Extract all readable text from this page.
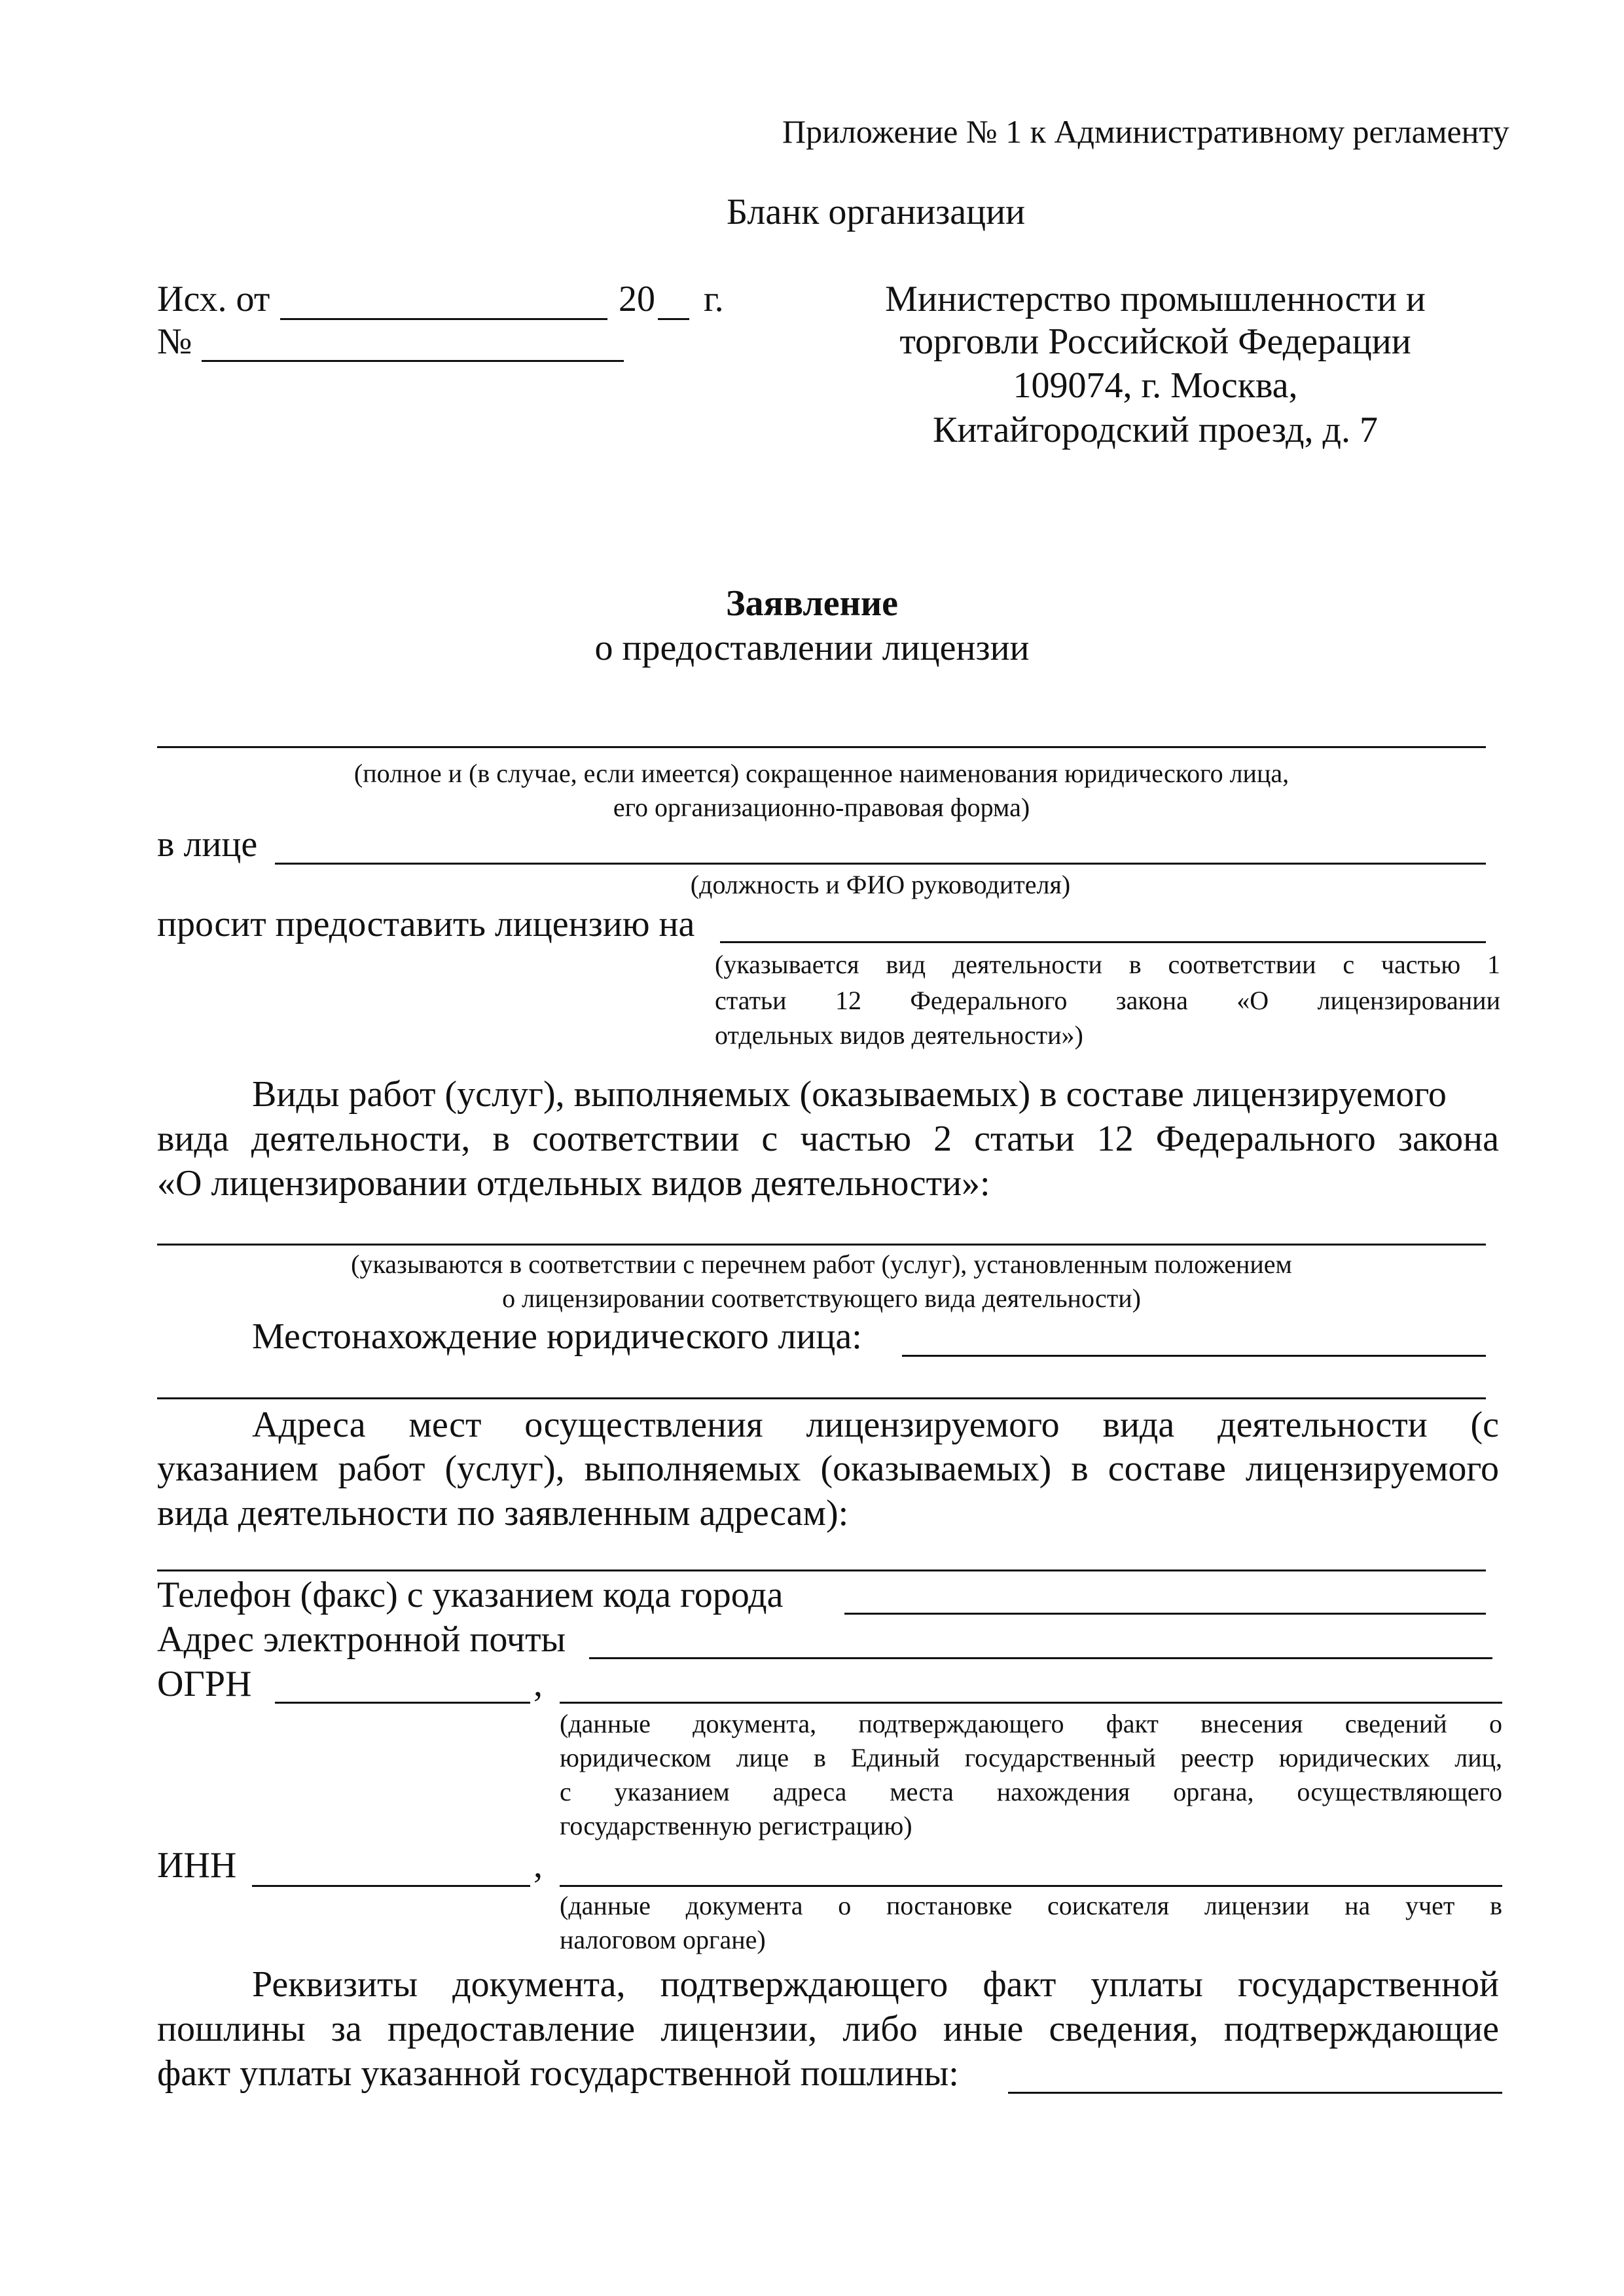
Приложение № 1 к Административному регламенту
Бланк организации
Исх. от	20 г.
№
Министерство промышленности и
торговли Российской Федерации
109074, г. Москва,
Китайгородский проезд, д. 7
Заявление
о предоставлении лицензии
(полное и (в случае, если имеется) сокращенное наименования юридического лица,
его организационно-правовая форма)
в лице
(должность и ФИО руководителя)
просит предоставить лицензию на
(указывается вид деятельности в соответствии с частью 1
статьи 12 Федерального закона «О лицензировании
отдельных видов деятельности»)
Виды работ (услуг), выполняемых (оказываемых) в составе лицензируемого
вида деятельности, в соответствии с частью 2 статьи 12 Федерального закона
«О лицензировании отдельных видов деятельности»:
(указываются в соответствии с перечнем работ (услуг), установленным положением
о лицензировании соответствующего вида деятельности)
Местонахождение юридического лица:
Адреса мест осуществления лицензируемого вида деятельности (с
указанием работ (услуг), выполняемых (оказываемых) в составе лицензируемого
вида деятельности по заявленным адресам):
Телефон (факс) с указанием кода города
Адрес электронной почты
ОГРН	,
(данные документа, подтверждающего факт внесения сведений о
юридическом лице в Единый государственный реестр юридических лиц,
с указанием адреса места нахождения органа, осуществляющего
государственную регистрацию)
ИНН	,
(данные документа о постановке соискателя лицензии на учет в
налоговом органе)
Реквизиты документа, подтверждающего факт уплаты государственной
пошлины за предоставление лицензии, либо иные сведения, подтверждающие
факт уплаты указанной государственной пошлины:
